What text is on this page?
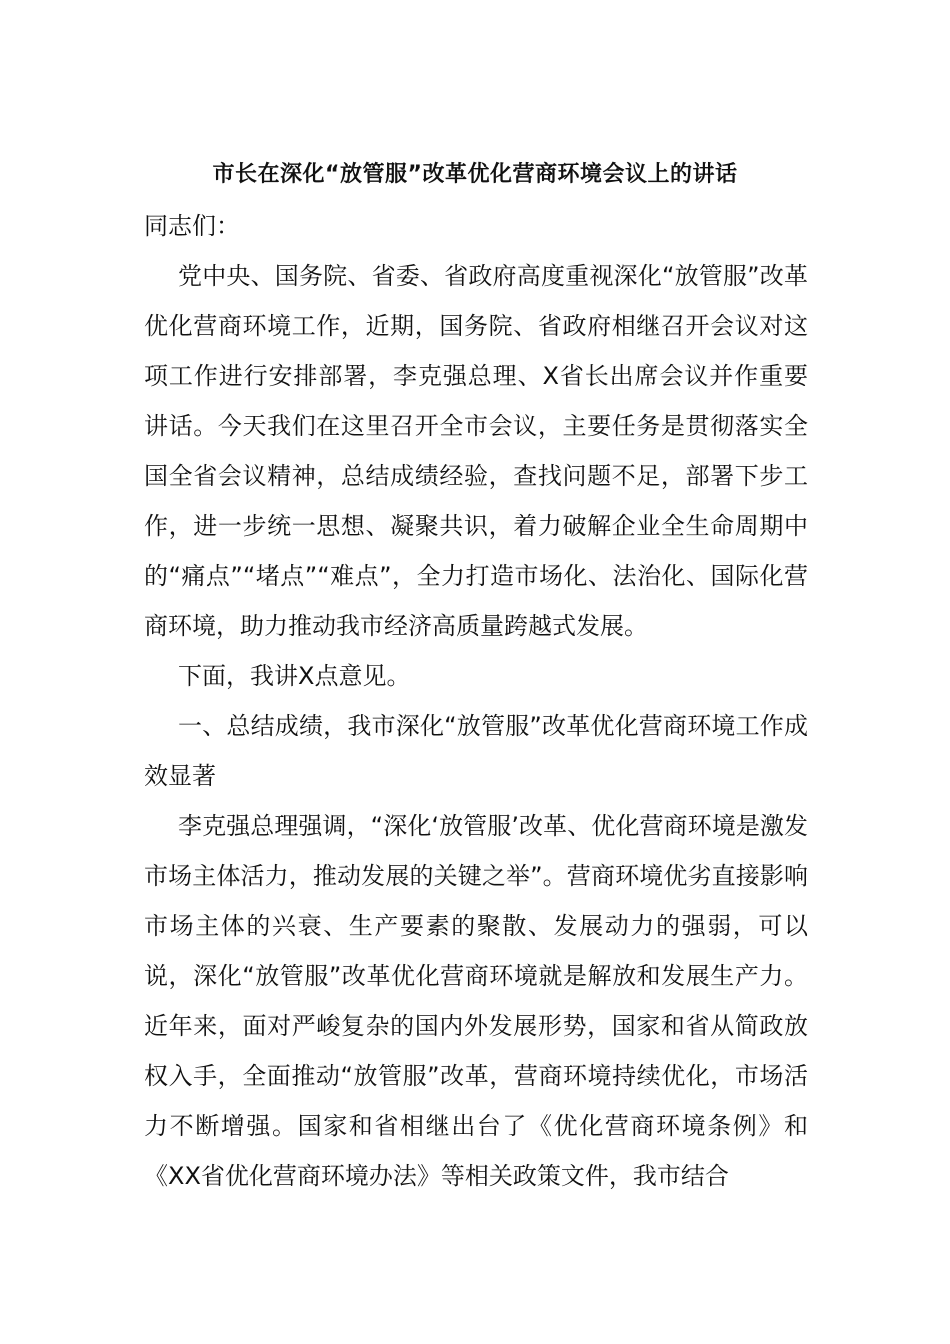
市长在深化“放管服”改革优化营商环境会议上的讲话

同志们：

党中央、国务院、省委、省政府高度重视深化“放管服”改革优化营商环境工作，近期，国务院、省政府相继召开会议对这项工作进行安排部署，李克强总理、X省长出席会议并作重要讲话。今天我们在这里召开全市会议，主要任务是贯彻落实全国全省会议精神，总结成绩经验，查找问题不足，部署下步工作，进一步统一思想、凝聚共识，着力破解企业全生命周期中的“痛点”“堵点”“难点”，全力打造市场化、法治化、国际化营商环境，助力推动我市经济高质量跨越式发展。

下面，我讲X点意见。

一、总结成绩，我市深化“放管服”改革优化营商环境工作成效显著

李克强总理强调，“深化‘放管服’改革、优化营商环境是激发市场主体活力，推动发展的关键之举”。营商环境优劣直接影响市场主体的兴衰、生产要素的聚散、发展动力的强弱，可以说，深化“放管服”改革优化营商环境就是解放和发展生产力。近年来，面对严峻复杂的国内外发展形势，国家和省从简政放权入手，全面推动“放管服”改革，营商环境持续优化，市场活力不断增强。国家和省相继出台了《优化营商环境条例》和《XX省优化营商环境办法》等相关政策文件，我市结合
